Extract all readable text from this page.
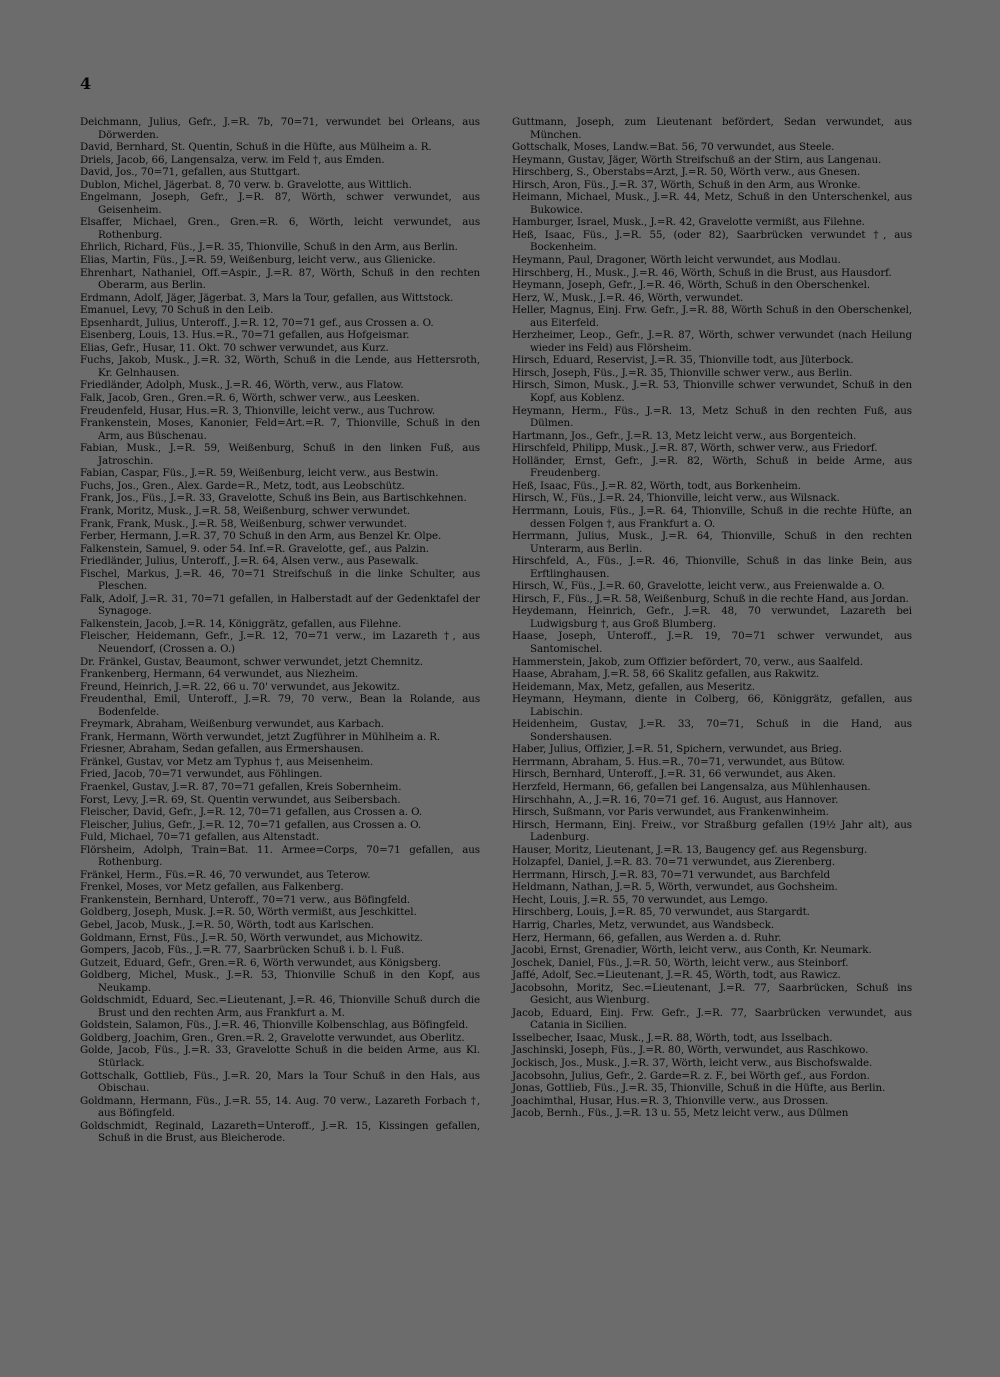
4
Deichmann, Julius, Gefr., J.=R. 7b, 70=71, verwundet bei Orleans, aus Dörwerden.
David, Bernhard, St. Quentin, Schuß in die Hüfte, aus Mülheim a. R.
Driels, Jacob, 66, Langensalza, verw. im Feld †, aus Emden.
David, Jos., 70=71, gefallen, aus Stuttgart.
Dublon, Michel, Jägerbat. 8, 70 verw. b. Gravelotte, aus Wittlich.
Engelmann, Joseph, Gefr., J.=R. 87, Wörth, schwer verwundet, aus Geisenheim.
Elsaffer, Michael, Gren., Gren.=R. 6, Wörth, leicht verwundet, aus Rothenburg.
Ehrlich, Richard, Füs., J.=R. 35, Thionville, Schuß in den Arm, aus Berlin.
Elias, Martin, Füs., J.=R. 59, Weißenburg, leicht verw., aus Glienicke.
Ehrenhart, Nathaniel, Off.=Aspir., J.=R. 87, Wörth, Schuß in den rechten Oberarm, aus Berlin.
Erdmann, Adolf, Jäger, Jägerbat. 3, Mars la Tour, gefallen, aus Wittstock.
Emanuel, Levy, 70 Schuß in den Leib.
Epsenhardt, Julius, Unteroff., J.=R. 12, 70=71 gef., aus Crossen a. O.
Eisenberg, Louis, 13. Hus.=R., 70=71 gefallen, aus Hofgeismar.
Elias, Gefr., Husar, 11. Okt. 70 schwer verwundet, aus Kurz.
Fuchs, Jakob, Musk., J.=R. 32, Wörth, Schuß in die Lende, aus Hettersroth, Kr. Gelnhausen.
Friedländer, Adolph, Musk., J.=R. 46, Wörth, verw., aus Flatow.
Falk, Jacob, Gren., Gren.=R. 6, Wörth, schwer verw., aus Leesken.
Freudenfeld, Husar, Hus.=R. 3, Thionville, leicht verw., aus Tuchrow.
Frankenstein, Moses, Kanonier, Feld=Art.=R. 7, Thionville, Schuß in den Arm, aus Büschenau.
Fabian, Musk., J.=R. 59, Weißenburg, Schuß in den linken Fuß, aus Jatroschin.
Fabian, Caspar, Füs., J.=R. 59, Weißenburg, leicht verw., aus Bestwin.
Fuchs, Jos., Gren., Alex. Garde=R., Metz, todt, aus Leobschütz.
Frank, Jos., Füs., J.=R. 33, Gravelotte, Schuß ins Bein, aus Bartischkehnen.
Frank, Moritz, Musk., J.=R. 58, Weißenburg, schwer verwundet.
Frank, Frank, Musk., J.=R. 58, Weißenburg, schwer verwundet.
Ferber, Hermann, J.=R. 37, 70 Schuß in den Arm, aus Benzel Kr. Olpe.
Falkenstein, Samuel, 9. oder 54. Inf.=R. Gravelotte, gef., aus Palzin.
Friedländer, Julius, Unteroff., J.=R. 64, Alsen verw., aus Pasewalk.
Fischel, Markus, J.=R. 46, 70=71 Streifschuß in die linke Schulter, aus Pleschen.
Falk, Adolf, J.=R. 31, 70=71 gefallen, in Halberstadt auf der Gedenktafel der Synagoge.
Falkenstein, Jacob, J.=R. 14, Königgrätz, gefallen, aus Filehne.
Fleischer, Heidemann, Gefr., J.=R. 12, 70=71 verw., im Lazareth †, aus Neuendorf, (Crossen a. O.)
Dr. Fränkel, Gustav, Beaumont, schwer verwundet, jetzt Chemnitz.
Frankenberg, Hermann, 64 verwundet, aus Niezheim.
Freund, Heinrich, J.=R. 22, 66 u. 70' verwundet, aus Jekowitz.
Freudenthal, Emil, Unteroff., J.=R. 79, 70 verw., Bean la Rolande, aus Bodenfelde.
Freymark, Abraham, Weißenburg verwundet, aus Karbach.
Frank, Hermann, Wörth verwundet, jetzt Zugführer in Mühlheim a. R.
Friesner, Abraham, Sedan gefallen, aus Ermershausen.
Fränkel, Gustav, vor Metz am Typhus †, aus Meisenheim.
Fried, Jacob, 70=71 verwundet, aus Föhlingen.
Fraenkel, Gustav, J.=R. 87, 70=71 gefallen, Kreis Sobernheim.
Forst, Levy, J.=R. 69, St. Quentin verwundet, aus Seibersbach.
Fleischer, David, Gefr., J.=R. 12, 70=71 gefallen, aus Crossen a. O.
Fleischer, Julius, Gefr., J.=R. 12, 70=71 gefallen, aus Crossen a. O.
Fuld, Michael, 70=71 gefallen, aus Altenstadt.
Flörsheim, Adolph, Train=Bat. 11. Armee=Corps, 70=71 gefallen, aus Rothenburg.
Fränkel, Herm., Füs.=R. 46, 70 verwundet, aus Teterow.
Frenkel, Moses, vor Metz gefallen, aus Falkenberg.
Frankenstein, Bernhard, Unteroff., 70=71 verw., aus Böfingfeld.
Goldberg, Joseph, Musk. J.=R. 50, Wörth vermißt, aus Jeschkittel.
Gebel, Jacob, Musk., J.=R. 50, Wörth, todt aus Karlschen.
Goldmann, Ernst, Füs., J.=R. 50, Wörth verwundet, aus Michowitz.
Gompers, Jacob, Füs., J.=R. 77, Saarbrücken Schuß i. b. l. Fuß.
Gutzeit, Eduard, Gefr., Gren.=R. 6, Wörth verwundet, aus Königsberg.
Goldberg, Michel, Musk., J.=R. 53, Thionville Schuß in den Kopf, aus Neukamp.
Goldschmidt, Eduard, Sec.=Lieutenant, J.=R. 46, Thionville Schuß durch die Brust und den rechten Arm, aus Frankfurt a. M.
Goldstein, Salamon, Füs., J.=R. 46, Thionville Kolbenschlag, aus Böfingfeld.
Goldberg, Joachim, Gren., Gren.=R. 2, Gravelotte verwundet, aus Oberlitz.
Golde, Jacob, Füs., J.=R. 33, Gravelotte Schuß in die beiden Arme, aus Kl. Stürlack.
Gottschalk, Gottlieb, Füs., J.=R. 20, Mars la Tour Schuß in den Hals, aus Obischau.
Goldmann, Hermann, Füs., J.=R. 55, 14. Aug. 70 verw., Lazareth Forbach †, aus Böfingfeld.
Goldschmidt, Reginald, Lazareth=Unteroff., J.=R. 15, Kissingen gefallen, Schuß in die Brust, aus Bleicherode.
Guttmann, Joseph, zum Lieutenant befördert, Sedan verwundet, aus München.
Gottschalk, Moses, Landw.=Bat. 56, 70 verwundet, aus Steele.
Heymann, Gustav, Jäger, Wörth Streifschuß an der Stirn, aus Langenau.
Hirschberg, S., Oberstabs=Arzt, J.=R. 50, Wörth verw., aus Gnesen.
Hirsch, Aron, Füs., J.=R. 37, Wörth, Schuß in den Arm, aus Wronke.
Heimann, Michael, Musk., J.=R. 44, Metz, Schuß in den Unterschenkel, aus Bukowice.
Hamburger, Israel, Musk., J.=R. 42, Gravelotte vermißt, aus Filehne.
Heß, Isaac, Füs., J.=R. 55, (oder 82), Saarbrücken verwundet †, aus Bockenheim.
Heymann, Paul, Dragoner, Wörth leicht verwundet, aus Modlau.
Hirschberg, H., Musk., J.=R. 46, Wörth, Schuß in die Brust, aus Hausdorf.
Heymann, Joseph, Gefr., J.=R. 46, Wörth, Schuß in den Oberschenkel.
Herz, W., Musk., J.=R. 46, Wörth, verwundet.
Heller, Magnus, Einj. Frw. Gefr., J.=R. 88, Wörth Schuß in den Oberschenkel, aus Eiterfeld.
Herzheimer, Leop., Gefr., J.=R. 87, Wörth, schwer verwundet (nach Heilung wieder ins Feld) aus Flörsheim.
Hirsch, Eduard, Reservist, J.=R. 35, Thionville todt, aus Jüterbock.
Hirsch, Joseph, Füs., J.=R. 35, Thionville schwer verw., aus Berlin.
Hirsch, Simon, Musk., J.=R. 53, Thionville schwer verwundet, Schuß in den Kopf, aus Koblenz.
Heymann, Herm., Füs., J.=R. 13, Metz Schuß in den rechten Fuß, aus Dülmen.
Hartmann, Jos., Gefr., J.=R. 13, Metz leicht verw., aus Borgenteich.
Hirschfeld, Philipp, Musk., J.=R. 87, Wörth, schwer verw., aus Friedorf.
Holländer, Ernst, Gefr., J.=R. 82, Wörth, Schuß in beide Arme, aus Freudenberg.
Heß, Isaac, Füs., J.=R. 82, Wörth, todt, aus Borkenheim.
Hirsch, W., Füs., J.=R. 24, Thionville, leicht verw., aus Wilsnack.
Herrmann, Louis, Füs., J.=R. 64, Thionville, Schuß in die rechte Hüfte, an dessen Folgen †, aus Frankfurt a. O.
Herrmann, Julius, Musk., J.=R. 64, Thionville, Schuß in den rechten Unterarm, aus Berlin.
Hirschfeld, A., Füs., J.=R. 46, Thionville, Schuß in das linke Bein, aus Erftlinghausen.
Hirsch, W., Füs., J.=R. 60, Gravelotte, leicht verw., aus Freienwalde a. O.
Hirsch, F., Füs., J.=R. 58, Weißenburg, Schuß in die rechte Hand, aus Jordan.
Heydemann, Heinrich, Gefr., J.=R. 48, 70 verwundet, Lazareth bei Ludwigsburg †, aus Groß Blumberg.
Haase, Joseph, Unteroff., J.=R. 19, 70=71 schwer verwundet, aus Santomischel.
Hammerstein, Jakob, zum Offizier befördert, 70, verw., aus Saalfeld.
Haase, Abraham, J.=R. 58, 66 Skalitz gefallen, aus Rakwitz.
Heidemann, Max, Metz, gefallen, aus Meseritz.
Heymann, Heymann, diente in Colberg, 66, Königgrätz, gefallen, aus Labischin.
Heidenheim, Gustav, J.=R. 33, 70=71, Schuß in die Hand, aus Sondershausen.
Haber, Julius, Offizier, J.=R. 51, Spichern, verwundet, aus Brieg.
Herrmann, Abraham, 5. Hus.=R., 70=71, verwundet, aus Bütow.
Hirsch, Bernhard, Unteroff., J.=R. 31, 66 verwundet, aus Aken.
Herzfeld, Hermann, 66, gefallen bei Langensalza, aus Mühlenhausen.
Hirschhahn, A., J.=R. 16, 70=71 gef. 16. August, aus Hannover.
Hirsch, Sußmann, vor Paris verwundet, aus Frankenwinheim.
Hirsch, Hermann, Einj. Freiw., vor Straßburg gefallen (19½ Jahr alt), aus Ladenburg.
Hauser, Moritz, Lieutenant, J.=R. 13, Baugency gef. aus Regensburg.
Holzapfel, Daniel, J.=R. 83. 70=71 verwundet, aus Zierenberg.
Herrmann, Hirsch, J.=R. 83, 70=71 verwundet, aus Barchfeld
Heldmann, Nathan, J.=R. 5, Wörth, verwundet, aus Gochsheim.
Hecht, Louis, J.=R. 55, 70 verwundet, aus Lemgo.
Hirschberg, Louis, J.=R. 85, 70 verwundet, aus Stargardt.
Harrig, Charles, Metz, verwundet, aus Wandsbeck.
Herz, Hermann, 66, gefallen, aus Werden a. d. Ruhr.
Jacobi, Ernst, Grenadier, Wörth, leicht verw., aus Conth, Kr. Neumark.
Joschek, Daniel, Füs., J.=R. 50, Wörth, leicht verw., aus Steinborf.
Jaffé, Adolf, Sec.=Lieutenant, J.=R. 45, Wörth, todt, aus Rawicz.
Jacobsohn, Moritz, Sec.=Lieutenant, J.=R. 77, Saarbrücken, Schuß ins Gesicht, aus Wienburg.
Jacob, Eduard, Einj. Frw. Gefr., J.=R. 77, Saarbrücken verwundet, aus Catania in Sicilien.
Isselbecher, Isaac, Musk., J.=R. 88, Wörth, todt, aus Isselbach.
Jaschinski, Joseph, Füs., J.=R. 80, Wörth, verwundet, aus Raschkowo.
Jockisch, Jos., Musk., J.=R. 37, Wörth, leicht verw., aus Bischofswalde.
Jacobsohn, Julius, Gefr., 2. Garde=R. z. F., bei Wörth gef., aus Fordon.
Jonas, Gottlieb, Füs., J.=R. 35, Thionville, Schuß in die Hüfte, aus Berlin.
Joachimthal, Husar, Hus.=R. 3, Thionville verw., aus Drossen.
Jacob, Bernh., Füs., J.=R. 13 u. 55, Metz leicht verw., aus Dülmen
